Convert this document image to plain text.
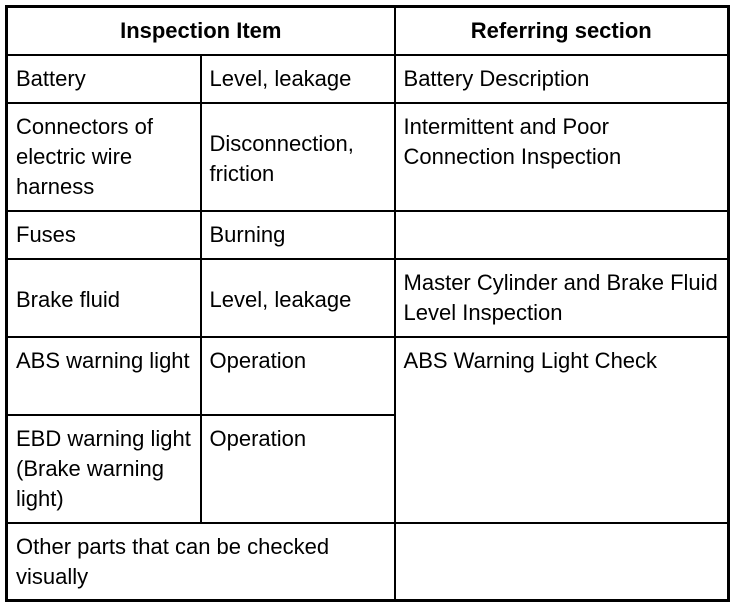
Inspection Item		Referring section
Battery	Level, leakage	Battery Description
Connectors of electric wire harness	Disconnection, friction	Intermittent and Poor Connection Inspection
Fuses	Burning	
Brake fluid	Level, leakage	Master Cylinder and Brake Fluid Level Inspection
ABS warning light	Operation	ABS Warning Light Check
EBD warning light (Brake warning light)	Operation	
Other parts that can be checked visually		
